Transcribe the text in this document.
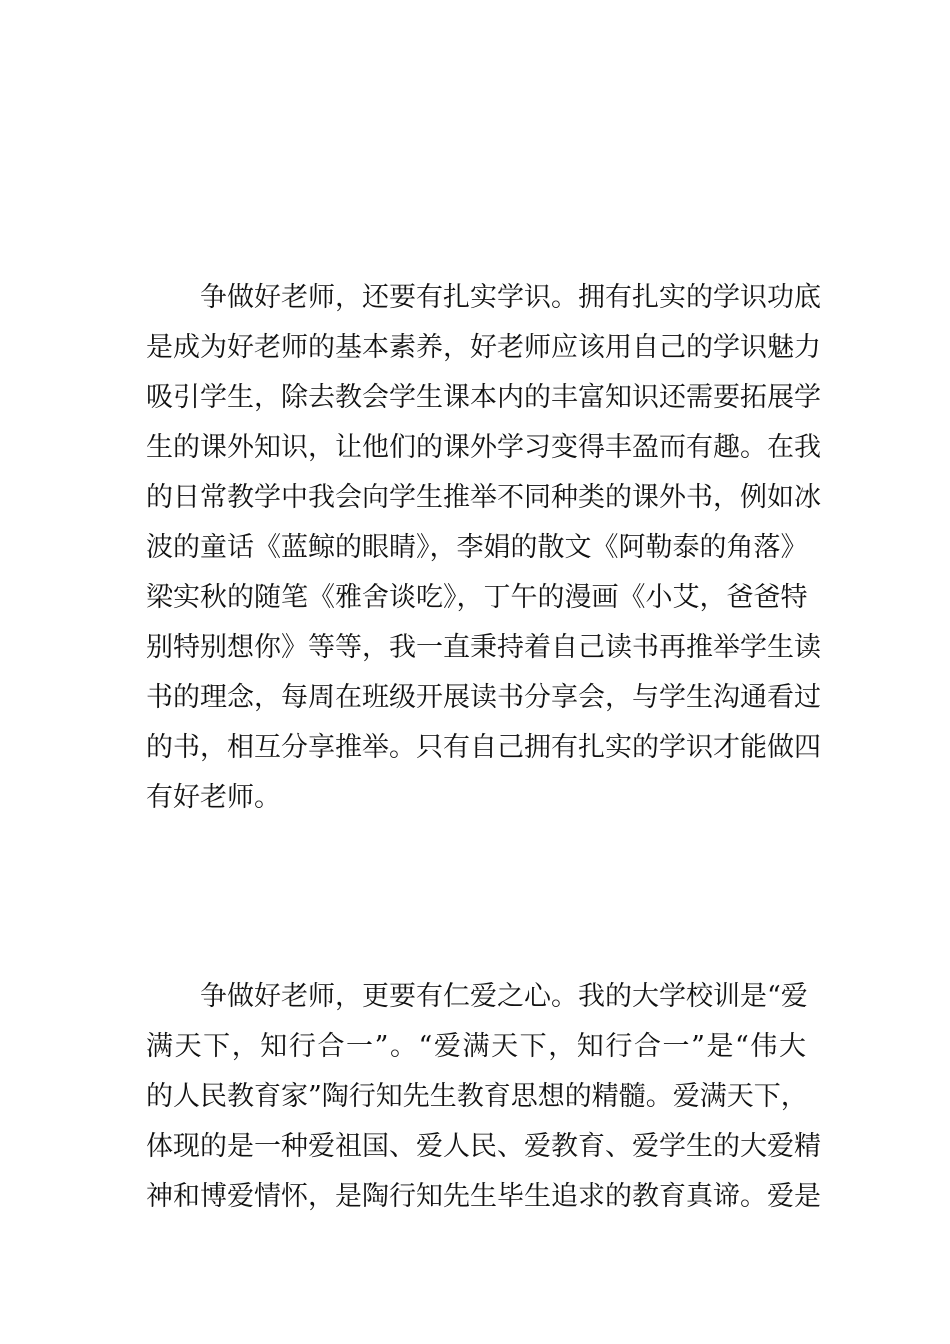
　　争做好老师，还要有扎实学识。拥有扎实的学识功底
是成为好老师的基本素养，好老师应该用自己的学识魅力
吸引学生，除去教会学生课本内的丰富知识还需要拓展学
生的课外知识，让他们的课外学习变得丰盈而有趣。在我
的日常教学中我会向学生推举不同种类的课外书，例如冰
波的童话《蓝鲸的眼睛》，李娟的散文《阿勒泰的角落》
梁实秋的随笔《雅舍谈吃》，丁午的漫画《小艾，爸爸特
别特别想你》等等，我一直秉持着自己读书再推举学生读
书的理念，每周在班级开展读书分享会，与学生沟通看过
的书，相互分享推举。只有自己拥有扎实的学识才能做四
有好老师。
　　争做好老师，更要有仁爱之心。我的大学校训是“爱
满天下，知行合一”。“爱满天下，知行合一”是“伟大
的人民教育家”陶行知先生教育思想的精髓。爱满天下，
体现的是一种爱祖国、爱人民、爱教育、爱学生的大爱精
神和博爱情怀，是陶行知先生毕生追求的教育真谛。爱是
